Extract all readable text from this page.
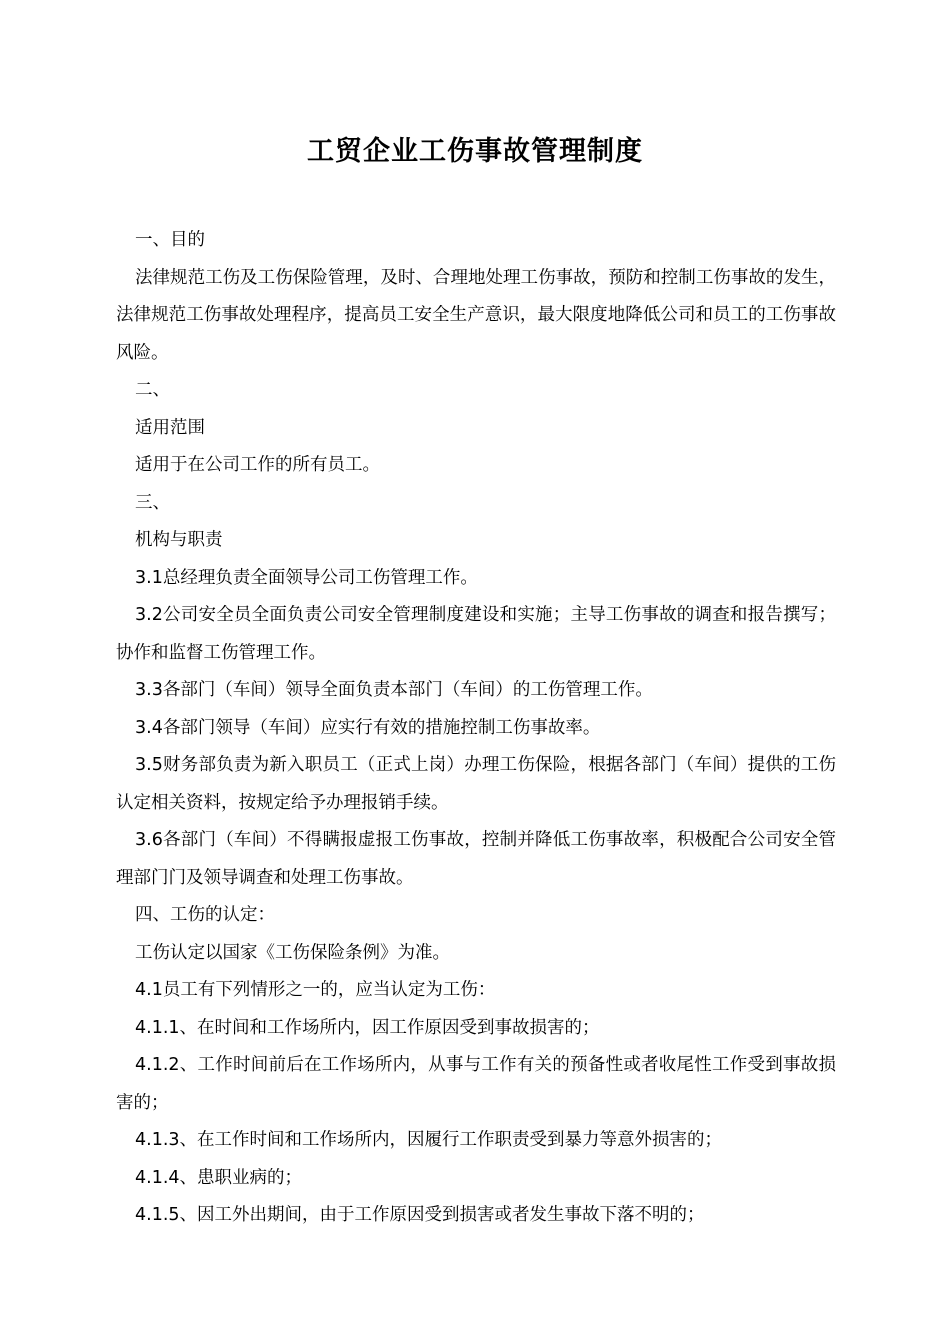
工贸企业工伤事故管理制度

一、目的

法律规范工伤及工伤保险管理，及时、合理地处理工伤事故，预防和控制工伤事故的发生，法律规范工伤事故处理程序，提高员工安全生产意识，最大限度地降低公司和员工的工伤事故风险。

二、

适用范围

适用于在公司工作的所有员工。

三、

机构与职责

3.1总经理负责全面领导公司工伤管理工作。

3.2公司安全员全面负责公司安全管理制度建设和实施；主导工伤事故的调查和报告撰写；协作和监督工伤管理工作。

3.3各部门（车间）领导全面负责本部门（车间）的工伤管理工作。

3.4各部门领导（车间）应实行有效的措施控制工伤事故率。

3.5财务部负责为新入职员工（正式上岗）办理工伤保险，根据各部门（车间）提供的工伤认定相关资料，按规定给予办理报销手续。

3.6各部门（车间）不得瞒报虚报工伤事故，控制并降低工伤事故率，积极配合公司安全管理部门门及领导调查和处理工伤事故。

四、工伤的认定：

工伤认定以国家《工伤保险条例》为准。

4.1员工有下列情形之一的，应当认定为工伤：

4.1.1、在时间和工作场所内，因工作原因受到事故损害的；

4.1.2、工作时间前后在工作场所内，从事与工作有关的预备性或者收尾性工作受到事故损害的；

4.1.3、在工作时间和工作场所内，因履行工作职责受到暴力等意外损害的；

4.1.4、患职业病的；

4.1.5、因工外出期间，由于工作原因受到损害或者发生事故下落不明的；
